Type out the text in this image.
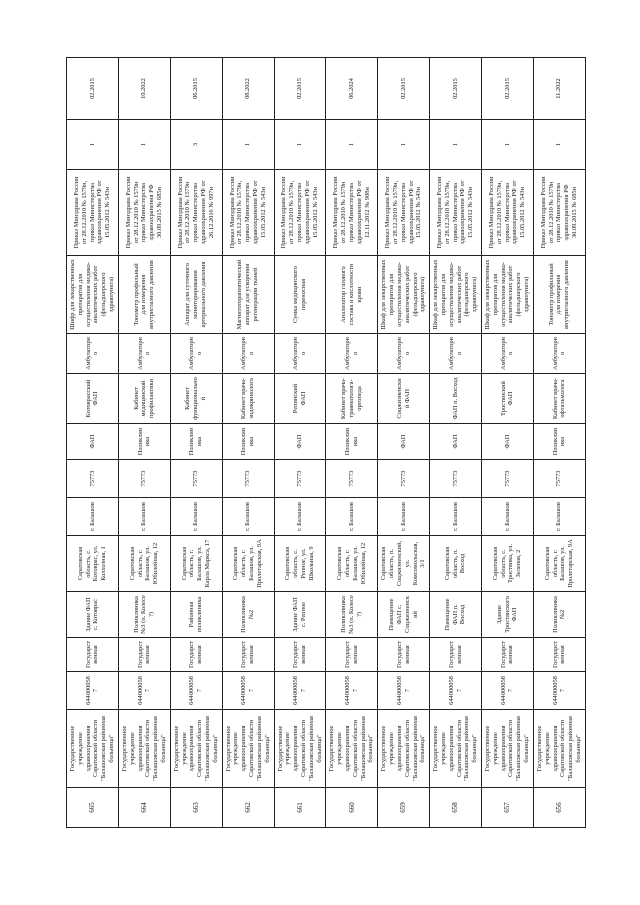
665	Государственное учреждение здравоохранения Саратовской области "Балашовская районная больница"	6440000587	Государственная	Здание ФАП с. Котоврас	Саратовская область, с. Котоврас, ул. Колхозная, 1	г. Балашов	75773	ФАП	Котоврасский ФАП	Амбулаторно	Шифр для лекарственных препаратов для осуществления медико-аналитических работ (фельдшерского здравпункта)	Приказ Минздрава России от 28.12.2010 № 1579н, приказ Министерства здравоохранения РФ от 15.05.2012 № 543н	1	02.2015
664	Государственное учреждение здравоохранения Саратовской области "Балашовская районная больница"	6440000587	Государственная	Поликлиника №3 (п. Колесе ?)	Саратовская область, г. Балашов, ул. Юбилейная, 12	г. Балашов	75773	Поликлиника	Кабинет медицинской профилактики	Амбулаторно	Тонометр профильный для измерения внутриглазного давления	Приказ Минздрава России от 28.12.2010 № 1579н приказ Министерства здравоохранения РФ 30.09.2015 № 685н	1	10.2022
663	Государственное учреждение здравоохранения Саратовской области "Балашовская районная больница"	6440000587	Государственная	Районная поликлиника	Саратовская область, г. Балашов, ул. Карла Маркса, 17	г. Балашов	75773	Поликлиника	Кабинет функциональной	Амбулаторно	Аппарат для суточного мониторирования артериального давления	Приказ Минздрава России от 28.12.2010 № 1579н приказ Министерства здравоохранения РФ от 26.12.2016 № 997н	3	06.2015
662	Государственное учреждение здравоохранения Саратовской области "Балашовская районная больница"	6440000587	Государственная	Поликлиника №2	Саратовская область, г. Балашов, ул. Пролетарская, 9А	г. Балашов	75773	Поликлиника	Кабинет врача-эндокринолога	Амбулаторно	Магнитотерапевтический аппарат для ускорения регенерации тканей	Приказ Минздрава России от 28.12.2010 № 1579н, приказ Министерства здравоохранения РФ от 15.05.2012 № 543н	1	08.2022
661	Государственное учреждение здравоохранения Саратовской области "Балашовская районная больница"	6440000587	Государственная	Здание ФАП с. Репное	Саратовская область, с. Репное, ул. Школьная, 9	г. Балашов	75773	ФАП	Репинский ФАП	Амбулаторно	Сумка медицинского переносная	Приказ Минздрава России от 28.12.2010 № 1579н, приказ Министерства здравоохранения РФ от 15.05.2012 № 543н	1	02.2015
660	Государственное учреждение здравоохранения Саратовской области "Балашовская районная больница"	6440000587	Государственная	Поликлиника №3 (п. Колесе ?)	Саратовская область, г. Балашов, ул. Юбилейная, 12	г. Балашов	75773	Поликлиника	Кабинет врача-травматолога-ортопеда	Амбулаторно	Анализатор газового состава и кислотности крови	Приказ Минздрава России от 28.12.2010 № 1579н приказ Министерства здравоохранения РФ от 12.11.2012 № 908н	1	06.2024
659	Государственное учреждение здравоохранения Саратовской области "Балашовская районная больница"	6440000587	Государственная	Помещение ФАП с. Соцжизненский	Саратовская область, п. Соцжизненский, ул. Комсомольская, 3/1	г. Балашов	75773	ФАП	Соцжизненский ФАП	Амбулаторно	Шкаф для лекарственных препаратов для осуществления медико-аналитических работ (фельдшерского здравпункта)	Приказ Минздрава России от 28.12.2010 № 1579н, приказ Министерства здравоохранения РФ от 15.05.2012 № 543н	1	02.2015
658	Государственное учреждение здравоохранения Саратовской области "Балашовская районная больница"	6440000587	Государственная	Помещение ФАП п. Восход	Саратовская область, п. Восход	г. Балашов	75773	ФАП	ФАП п. Восход	Амбулаторно	Шкаф для лекарственных препаратов для осуществления медико-аналитических работ (фельдшерского здравпункта)	Приказ Минздрава России от 28.12.2010 № 1579н, приказ Министерства здравоохранения РФ от 15.05.2012 № 543н	1	02.2015
657	Государственное учреждение здравоохранения Саратовской области "Балашовская районная больница"	6440000587	Государственная	Здание Тростянского ФАП	Саратовская область, с. Тростянка, ул. Зеленая, 2	г. Балашов	75773	ФАП	Тростянский ФАП	Амбулаторно	Шкаф для лекарственных препаратов для осуществления медико-аналитических работ (фельдшерского здравпункта)	Приказ Минздрава России от 28.12.2010 № 1579н, приказ Министерства здравоохранения РФ от 15.05.2012 № 543н	1	02.2015
656	Государственное учреждение здравоохранения Саратовской области "Балашовская районная больница"	6440000587	Государственная	Поликлиника №2	Саратовская область, г. Балашов, ул. Пролетарская, 9А	г. Балашов	75773	Поликлиника	Кабинет врача-офтальмолога	Амбулаторно	Тонометр профильный для измерения внутриглазного давления	Приказ Минздрава России от 28.12.2010 № 1579н приказ Министерства здравоохранения РФ 30.09.2015 № 685н	1	11.2022
